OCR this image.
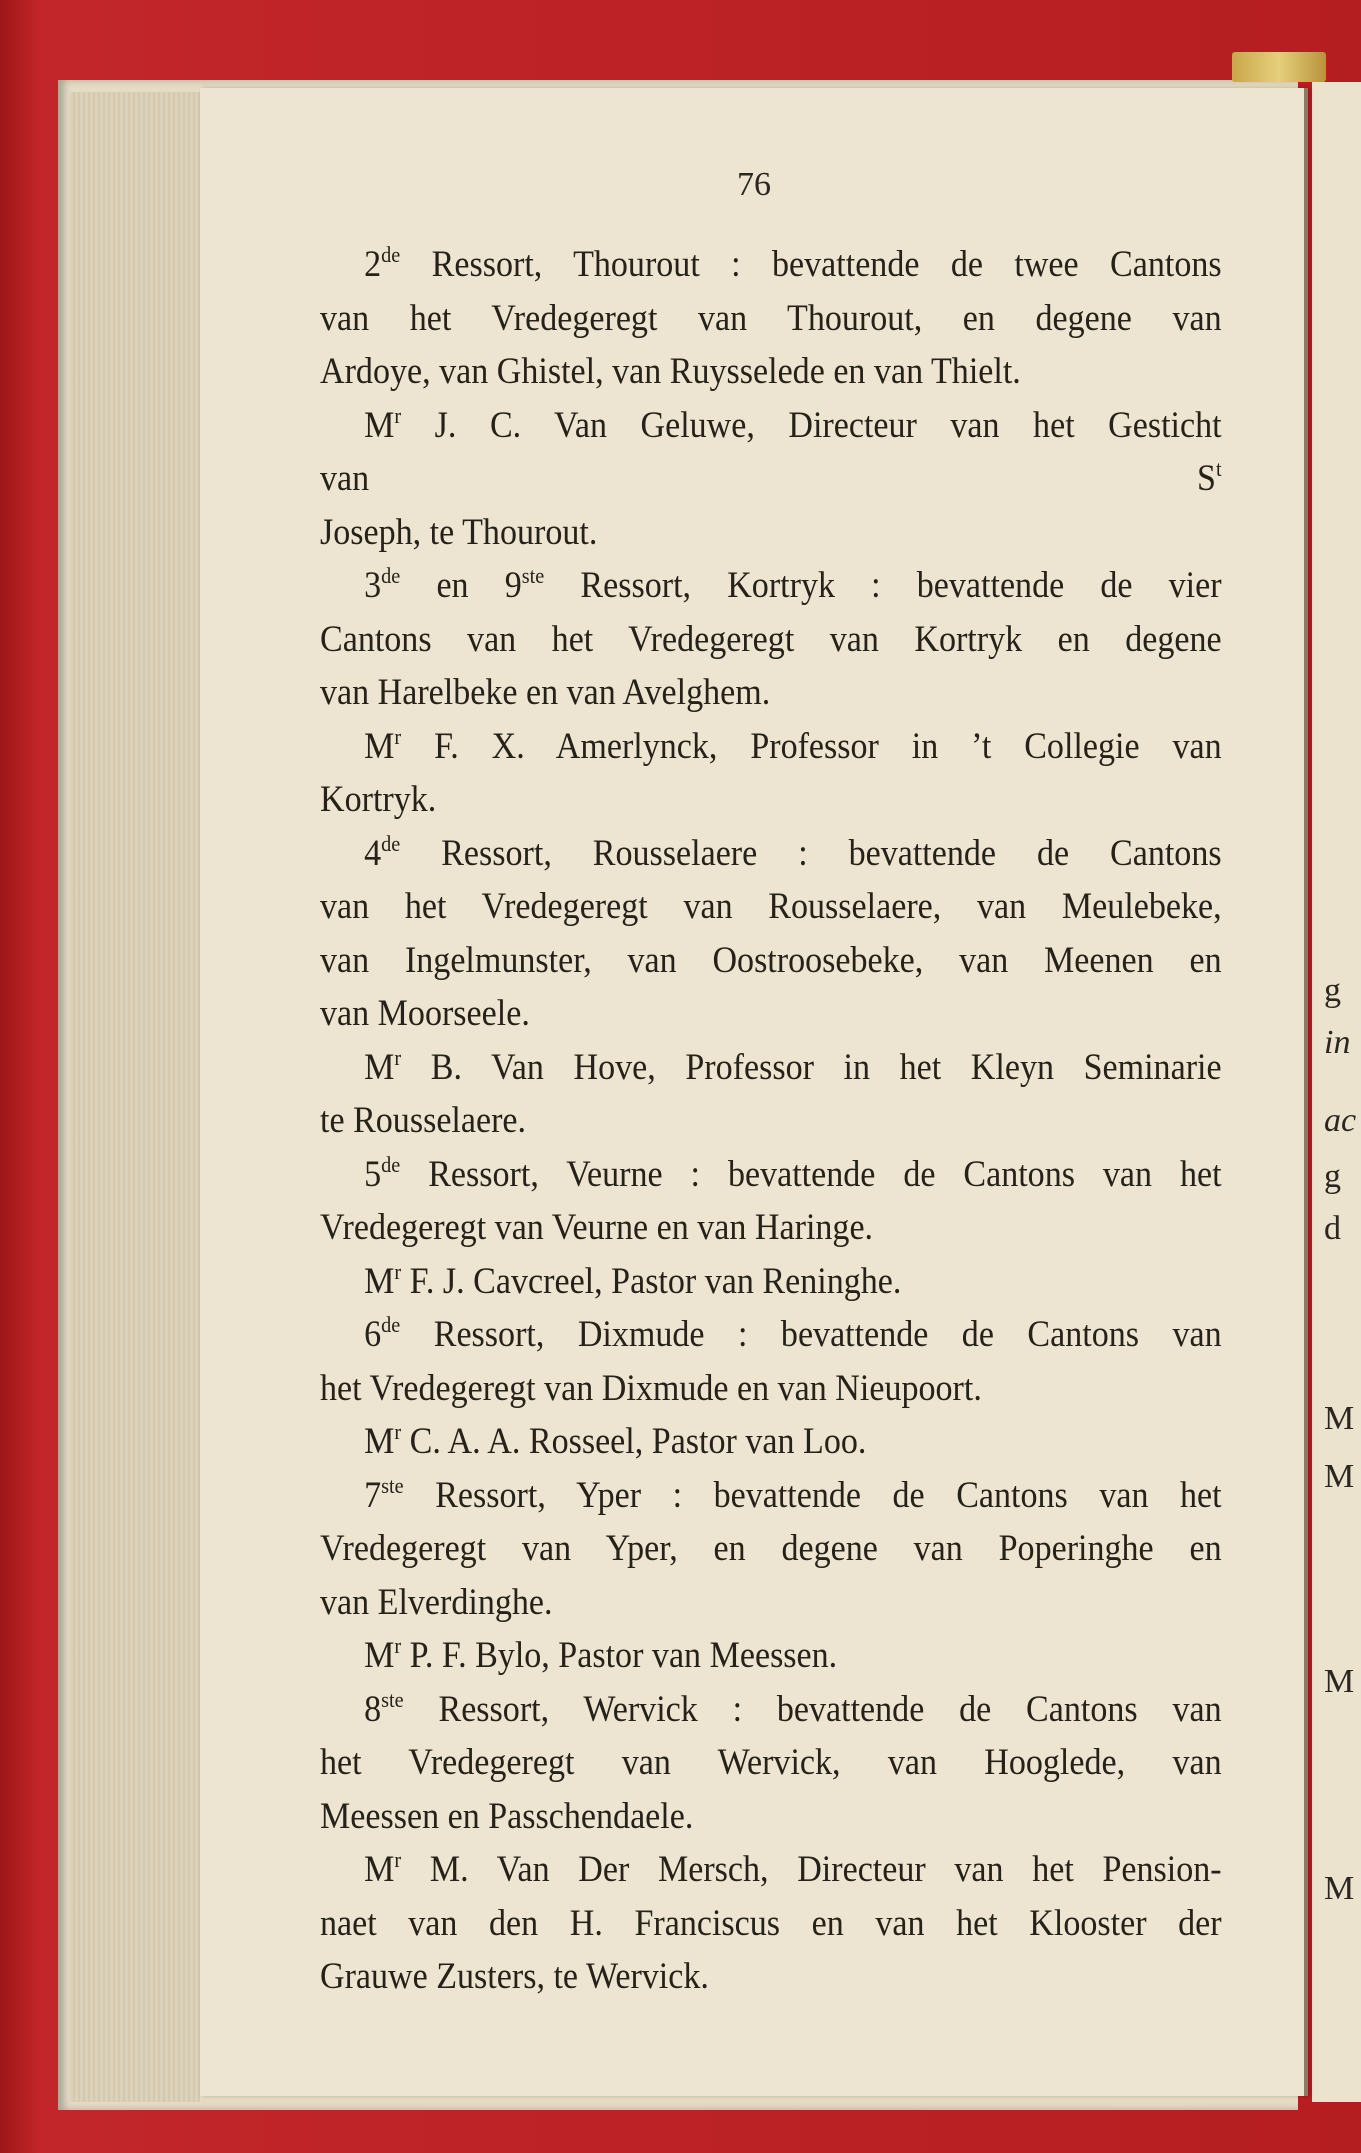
g
in
ac
g
d
M
M
M
M
76

2de Ressort, Thourout : bevattende de twee Cantons
van het Vredegeregt van Thourout, en degene van
Ardoye, van Ghistel, van Ruysselede en van Thielt.

$M^r$ J. C. Van Geluwe, Directeur van het Gesticht
van $S^t$
Joseph, te Thourout.

3de en 9ste Ressort, Kortryk : bevattende de vier
Cantons van het Vredegeregt van Kortryk en degene
van Harelbeke en van Avelghem.

$M^r$ F. X. Amerlynck, Professor in ’t Collegie van
Kortryk.

4de Ressort, Rousselaere : bevattende de Cantons
van het Vredegeregt van Rousselaere, van Meulebeke,
van Ingelmunster, van Oostroosebeke, van Meenen en
van Moorseele.

$M^r$ B. Van Hove, Professor in het Kleyn Seminarie
te Rousselaere.

5de Ressort, Veurne : bevattende de Cantons van het
Vredegeregt van Veurne en van Haringe.

$M^r$ F. J. Cavcreel, Pastor van Reninghe.

6de Ressort, Dixmude : bevattende de Cantons van
het Vredegeregt van Dixmude en van Nieupoort.

$M^r$ C. A. A. Rosseel, Pastor van Loo.

7ste Ressort, Yper : bevattende de Cantons van het
Vredegeregt van Yper, en degene van Poperinghe en
van Elverdinghe.

$M^r$ P. F. Bylo, Pastor van Meessen.

8ste Ressort, Wervick : bevattende de Cantons van
het Vredegeregt van Wervick, van Hooglede, van
Meessen en Passchendaele.

$M^r$ M. Van Der Mersch, Directeur van het Pension-
naet van den H. Franciscus en van het Klooster der
Grauwe Zusters, te Wervick.
